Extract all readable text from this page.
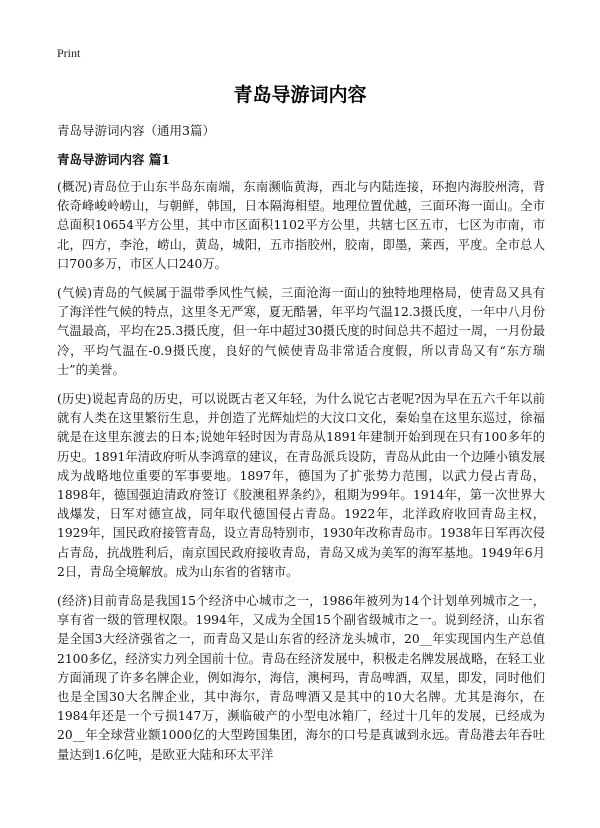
Print
青岛导游词内容

青岛导游词内容（通用3篇）

青岛导游词内容 篇1

(概况)青岛位于山东半岛东南端，东南濒临黄海，西北与内陆连接，环抱内海胶州湾，背依奇峰峻岭崂山，与朝鲜，韩国，日本隔海相望。地理位置优越，三面环海一面山。全市总面积10654平方公里，其中市区面积1102平方公里，共辖七区五市，七区为市南，市北，四方，李沧，崂山，黄岛，城阳，五市指胶州，胶南，即墨，莱西，平度。全市总人口700多万，市区人口240万。

(气候)青岛的气候属于温带季风性气候，三面沧海一面山的独特地理格局，使青岛又具有了海洋性气候的特点，这里冬无严寒，夏无酷暑，年平均气温12.3摄氏度，一年中八月份气温最高，平均在25.3摄氏度，但一年中超过30摄氏度的时间总共不超过一周，一月份最冷，平均气温在-0.9摄氏度，良好的气候使青岛非常适合度假，所以青岛又有“东方瑞士”的美誉。

(历史)说起青岛的历史，可以说既古老又年轻，为什么说它古老呢?因为早在五六千年以前就有人类在这里繁衍生息，并创造了光辉灿烂的大汶口文化，秦始皇在这里东巡过，徐福就是在这里东渡去的日本;说她年轻时因为青岛从1891年建制开始到现在只有100多年的历史。1891年清政府听从李鸿章的建议，在青岛派兵设防，青岛从此由一个边陲小镇发展成为战略地位重要的军事要地。1897年，德国为了扩张势力范围，以武力侵占青岛，1898年，德国强迫清政府签订《胶澳租界条约》，租期为99年。1914年，第一次世界大战爆发，日军对德宣战，同年取代德国侵占青岛。1922年，北洋政府收回青岛主权，1929年，国民政府接管青岛，设立青岛特别市，1930年改称青岛市。1938年日军再次侵占青岛，抗战胜利后，南京国民政府接收青岛，青岛又成为美军的海军基地。1949年6月2日，青岛全境解放。成为山东省的省辖市。

(经济)目前青岛是我国15个经济中心城市之一，1986年被列为14个计划单列城市之一，享有省一级的管理权限。1994年，又成为全国15个副省级城市之一。说到经济，山东省是全国3大经济强省之一，而青岛又是山东省的经济龙头城市，20__年实现国内生产总值2100多亿，经济实力列全国前十位。青岛在经济发展中，积极走名牌发展战略，在轻工业方面涌现了许多名牌企业，例如海尔，海信，澳柯玛，青岛啤酒，双星，即发，同时他们也是全国30大名牌企业，其中海尔，青岛啤酒又是其中的10大名牌。尤其是海尔，在1984年还是一个亏损147万，濒临破产的小型电冰箱厂，经过十几年的发展，已经成为20__年全球营业额1000亿的大型跨国集团，海尔的口号是真诚到永远。青岛港去年吞吐量达到1.6亿吨，是欧亚大陆和环太平洋
